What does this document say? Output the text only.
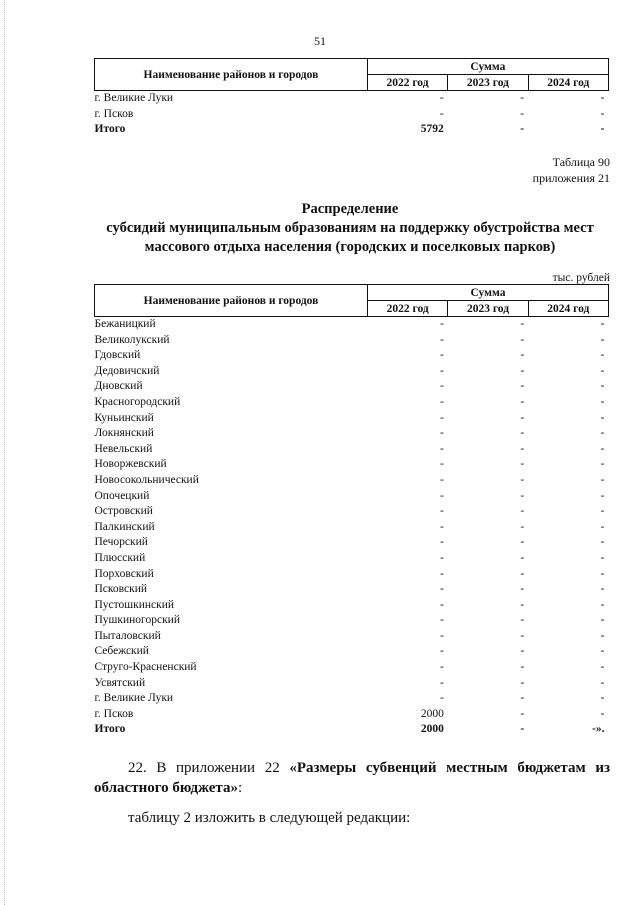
51
Наименование районов и городов	Сумма		
	2022 год	2023 год	2024 год
г. Великие Луки	-	-	-
г. Псков	-	-	-
Итого	5792	-	-
Таблица 90
приложения 21
Распределение
субсидий муниципальным образованиям на поддержку обустройства мест
массового отдыха населения (городских и поселковых парков)
тыс. рублей
Наименование районов и городов	Сумма		
	2022 год	2023 год	2024 год
Бежаницкий	-	-	-
Великолукский	-	-	-
Гдовский	-	-	-
Дедовичский	-	-	-
Дновский	-	-	-
Красногородский	-	-	-
Куньинский	-	-	-
Локнянский	-	-	-
Невельский	-	-	-
Новоржевский	-	-	-
Новосокольнический	-	-	-
Опочецкий	-	-	-
Островский	-	-	-
Палкинский	-	-	-
Печорский	-	-	-
Плюсский	-	-	-
Порховский	-	-	-
Псковский	-	-	-
Пустошкинский	-	-	-
Пушкиногорский	-	-	-
Пыталовский	-	-	-
Себежский	-	-	-
Струго-Красненский	-	-	-
Усвятский	-	-	-
г. Великие Луки	-	-	-
г. Псков	2000	-	-
Итого	2000	-	-».
22. В приложении 22 «Размеры субвенций местным бюджетам из областного бюджета»:
таблицу 2 изложить в следующей редакции:
